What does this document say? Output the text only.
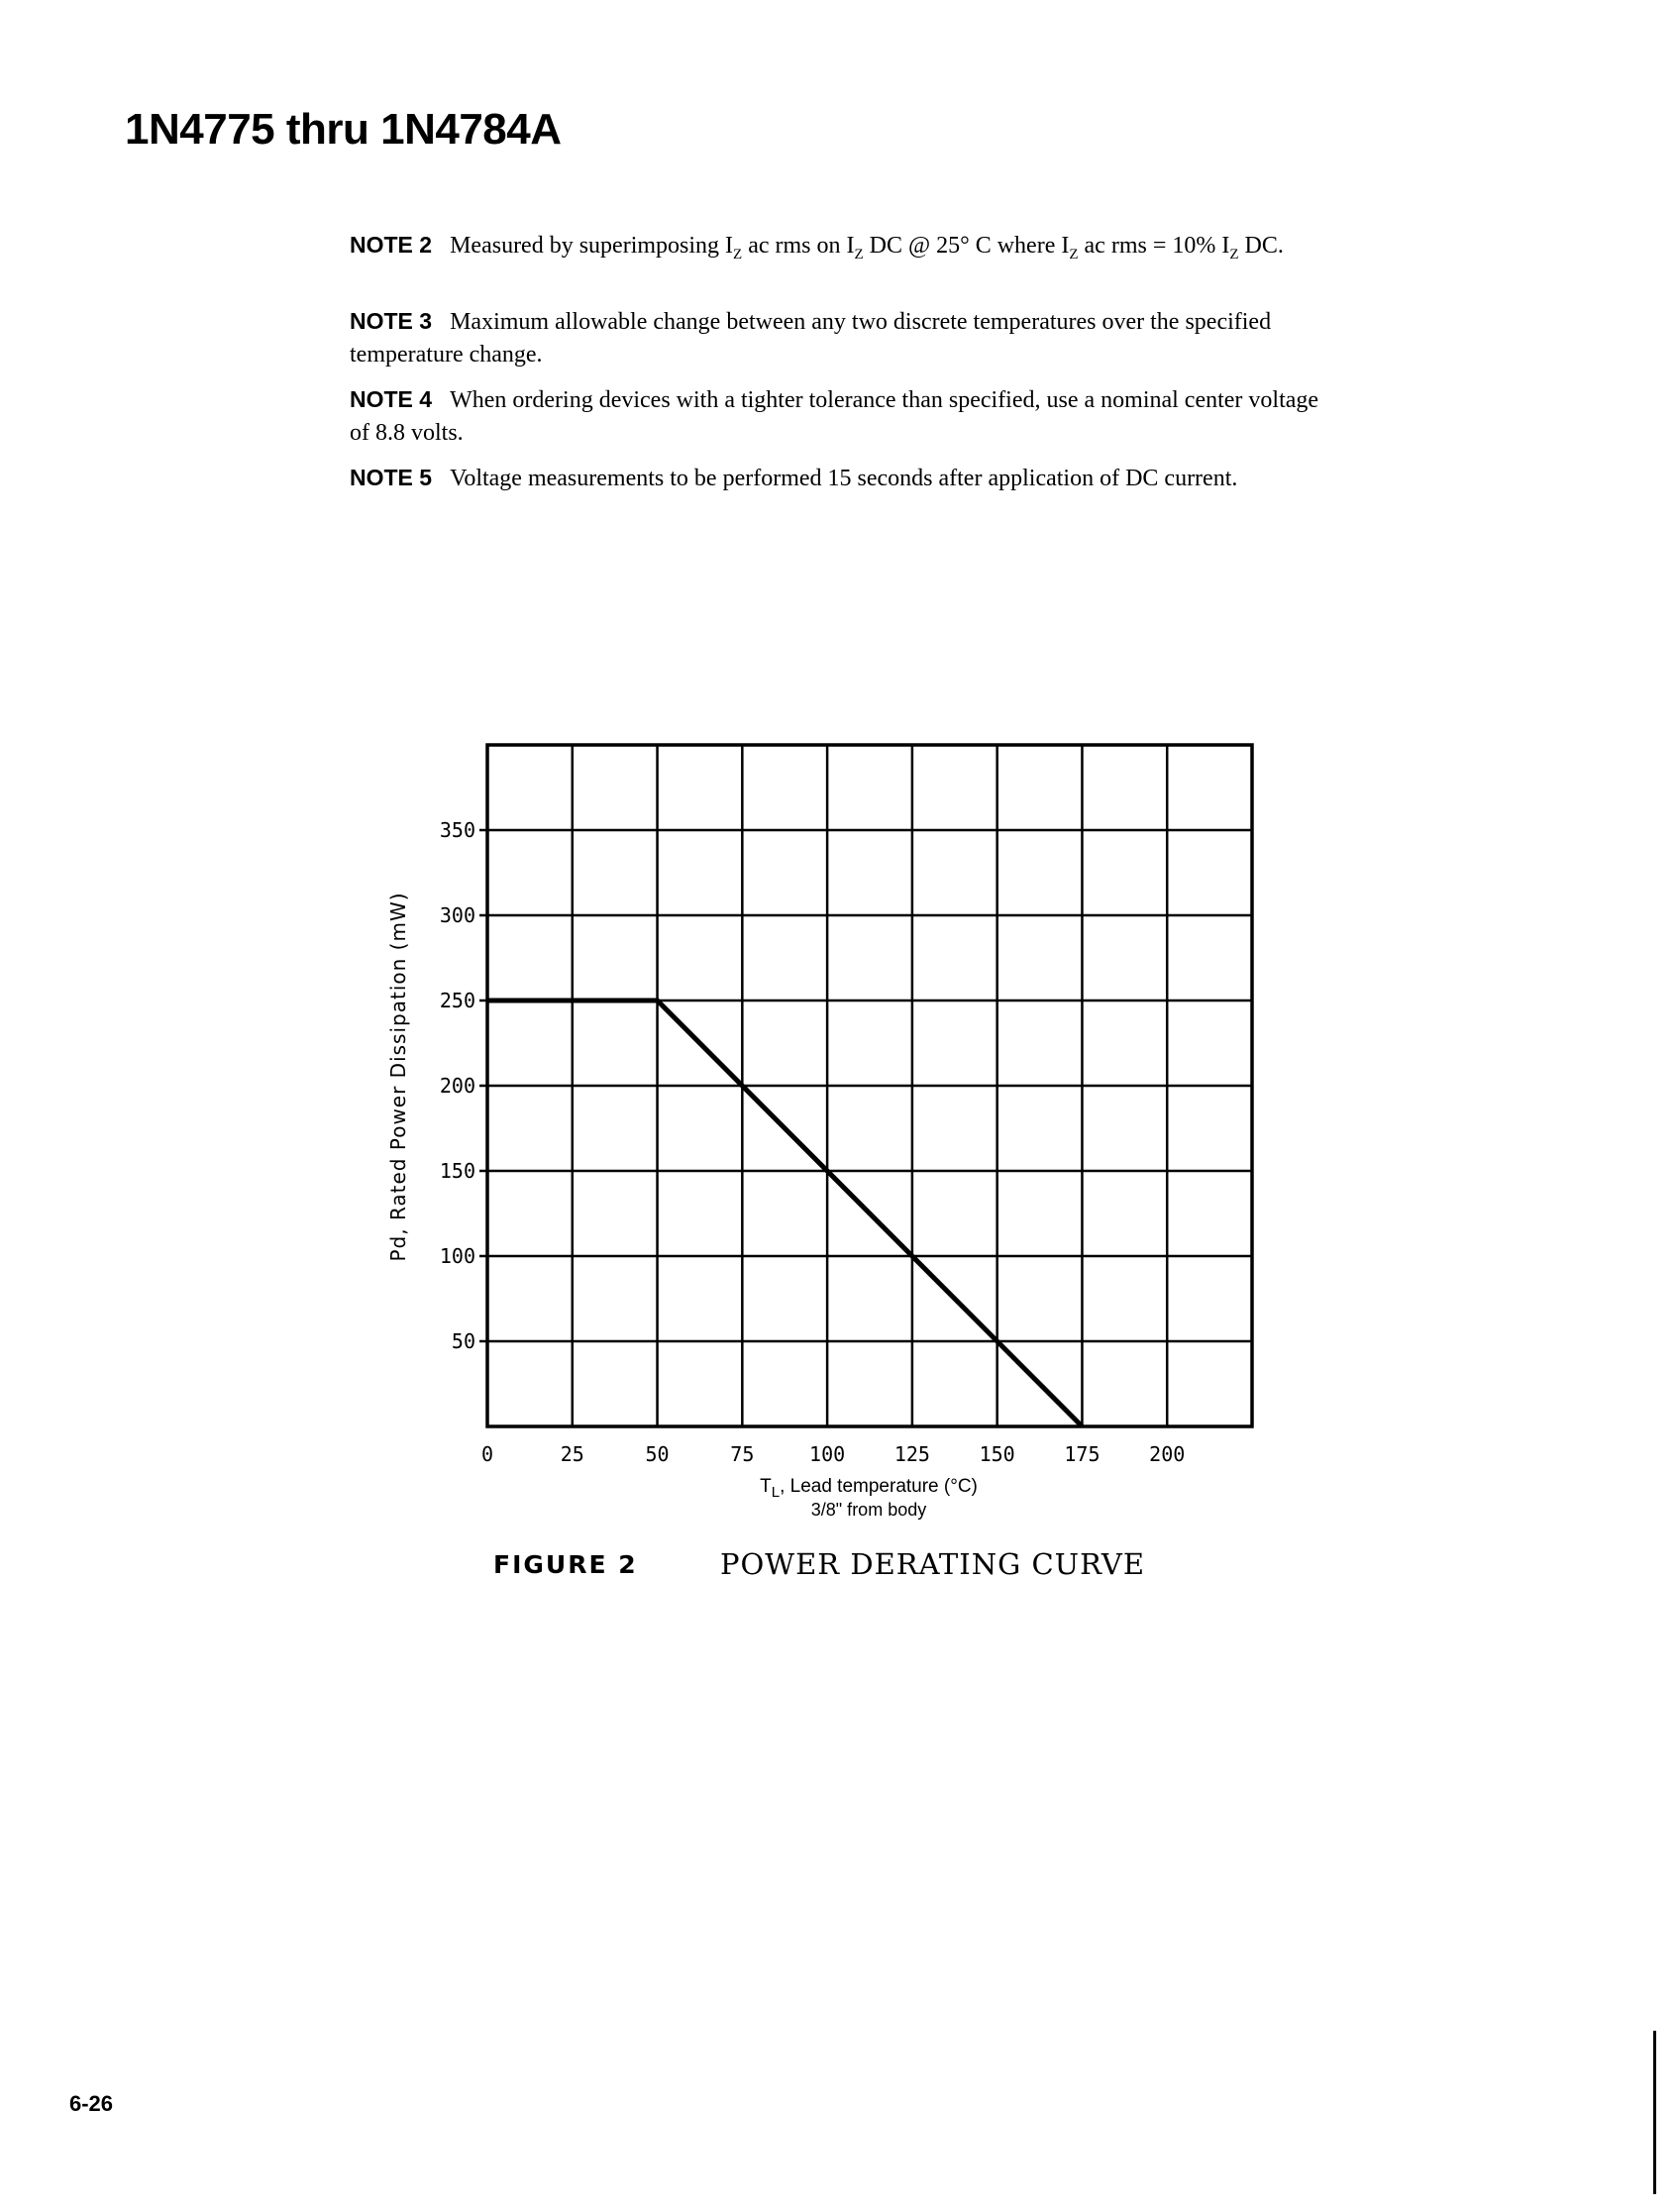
1N4775 thru 1N4784A
NOTE 2 Measured by superimposing $I_Z$ ac rms on $I_Z$ DC @ 25° C where $I_Z$ ac rms = 10% $I_Z$ DC.
NOTE 3 Maximum allowable change between any two discrete temperatures over the specified temperature change.
NOTE 4 When ordering devices with a tighter tolerance than specified, use a nominal center voltage of 8.8 volts.
NOTE 5 Voltage measurements to be performed 15 seconds after application of DC current.
0	25	50	75	100 125 150 175 200
50
100
150
200
250
300
350
Pd, Rated Power Dissipation (mW)
$T_L$, Lead temperature (°C)
3/8" from body
FIGURE 2	POWER DERATING CURVE
6-26
